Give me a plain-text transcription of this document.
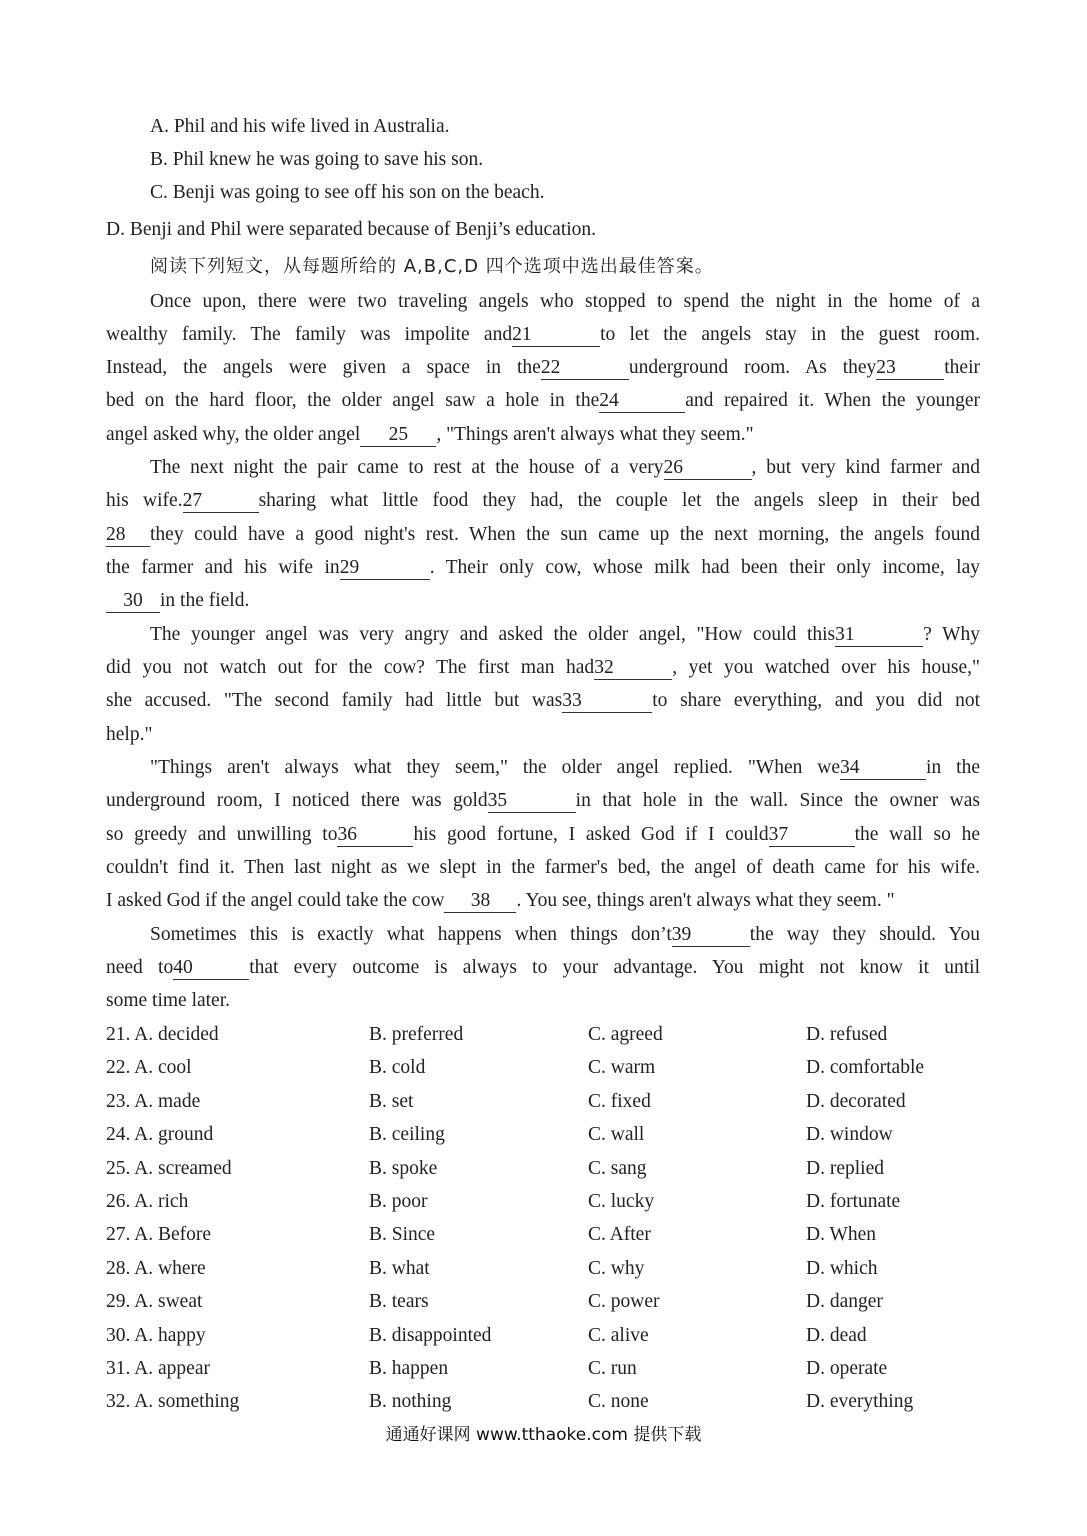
A. Phil and his wife lived in Australia.
B. Phil knew he was going to save his son.
C. Benji was going to see off his son on the beach.
D. Benji and Phil were separated because of Benji’s education.
阅读下列短文，从每题所给的 A,B,C,D 四个选项中选出最佳答案。
Once upon, there were two traveling angels who stopped to spend the night in the home of a
wealthy family. The family was impolite and21	to let the angels stay in the guest room.
Instead, the angels were given a space in the22	underground room. As they23 their
bed on the hard floor, the older angel saw a hole in the24	and repaired it. When the younger
angel asked why, the older angel 25 , "Things aren't always what they seem."
The next night the pair came to rest at the house of a very26	, but very kind farmer and
his wife.27	sharing what little food they had, the couple let the angels sleep in their bed
28 they could have a good night's rest. When the sun came up the next morning, the angels found
the farmer and his wife in29	. Their only cow, whose milk had been their only income, lay
30 in the field.
The younger angel was very angry and asked the older angel, "How could this31	? Why
did you not watch out for the cow? The first man had32	, yet you watched over his house,"
she accused. "The second family had little but was33	to share everything, and you did not
help."
"Things aren't always what they seem," the older angel replied. "When we34	in the
underground room, I noticed there was gold35	in that hole in the wall. Since the owner was
so greedy and unwilling to36	his good fortune, I asked God if I could37	the wall so he
couldn't find it. Then last night as we slept in the farmer's bed, the angel of death came for his wife.
I asked God if the angel could take the cow 38 . You see, things aren't always what they seem. "
Sometimes this is exactly what happens when things don’t39	the way they should. You
need to40	that every outcome is always to your advantage. You might not know it until
some time later.
21. A. decided	B. preferred	C. agreed	D. refused
22. A. cool	B. cold	C. warm	D. comfortable
23. A. made	B. set	C. fixed	D. decorated
24. A. ground	B. ceiling	C. wall	D. window
25. A. screamed	B. spoke	C. sang	D. replied
26. A. rich	B. poor	C. lucky	D. fortunate
27. A. Before	B. Since	C. After	D. When
28. A. where	B. what	C. why	D. which
29. A. sweat	B. tears	C. power	D. danger
30. A. happy	B. disappointed	C. alive	D. dead
31. A. appear	B. happen	C. run	D. operate
32. A. something	B. nothing	C. none	D. everything
通通好课网 www.tthaoke.com 提供下载
